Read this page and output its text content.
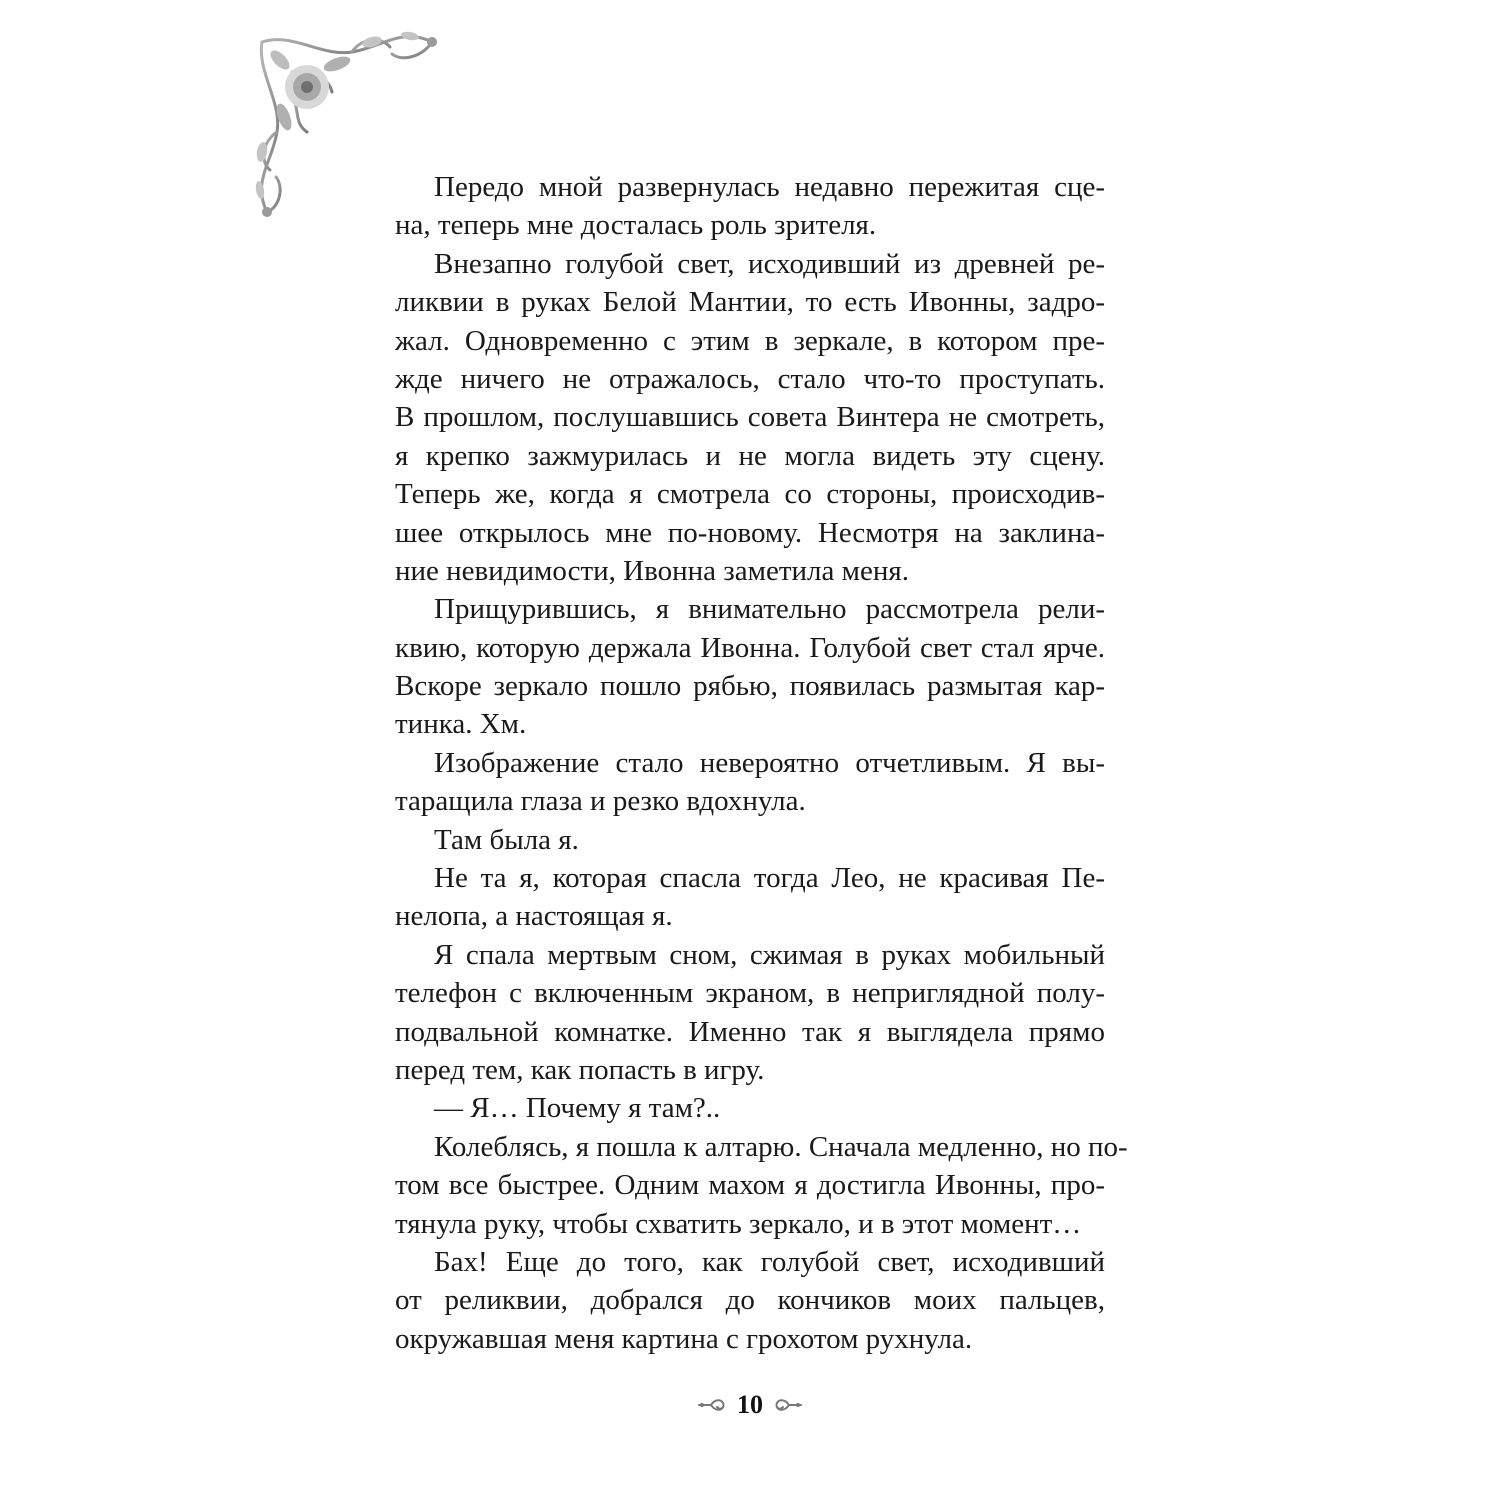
Передо мной развернулась недавно пережитая сце-
на, теперь мне досталась роль зрителя.
Внезапно голубой свет, исходивший из древней ре-
ликвии в руках Белой Мантии, то есть Ивонны, задро-
жал. Одновременно с этим в зеркале, в котором пре-
жде ничего не отражалось, стало что-то проступать.
В прошлом, послушавшись совета Винтера не смотреть,
я крепко зажмурилась и не могла видеть эту сцену.
Теперь же, когда я смотрела со стороны, происходив-
шее открылось мне по-новому. Несмотря на заклина-
ние невидимости, Ивонна заметила меня.
Прищурившись, я внимательно рассмотрела рели-
квию, которую держала Ивонна. Голубой свет стал ярче.
Вскоре зеркало пошло рябью, появилась размытая кар-
тинка. Хм.
Изображение стало невероятно отчетливым. Я вы-
таращила глаза и резко вдохнула.
Там была я.
Не та я, которая спасла тогда Лео, не красивая Пе-
нелопа, а настоящая я.
Я спала мертвым сном, сжимая в руках мобильный
телефон с включенным экраном, в неприглядной полу-
подвальной комнатке. Именно так я выглядела прямо
перед тем, как попасть в игру.
— Я… Почему я там?..
Колеблясь, я пошла к алтарю. Сначала медленно, но по-
том все быстрее. Одним махом я достигла Ивонны, про-
тянула руку, чтобы схватить зеркало, и в этот момент…
Бах! Еще до того, как голубой свет, исходивший
от реликвии, добрался до кончиков моих пальцев,
окружавшая меня картина с грохотом рухнула.
10
